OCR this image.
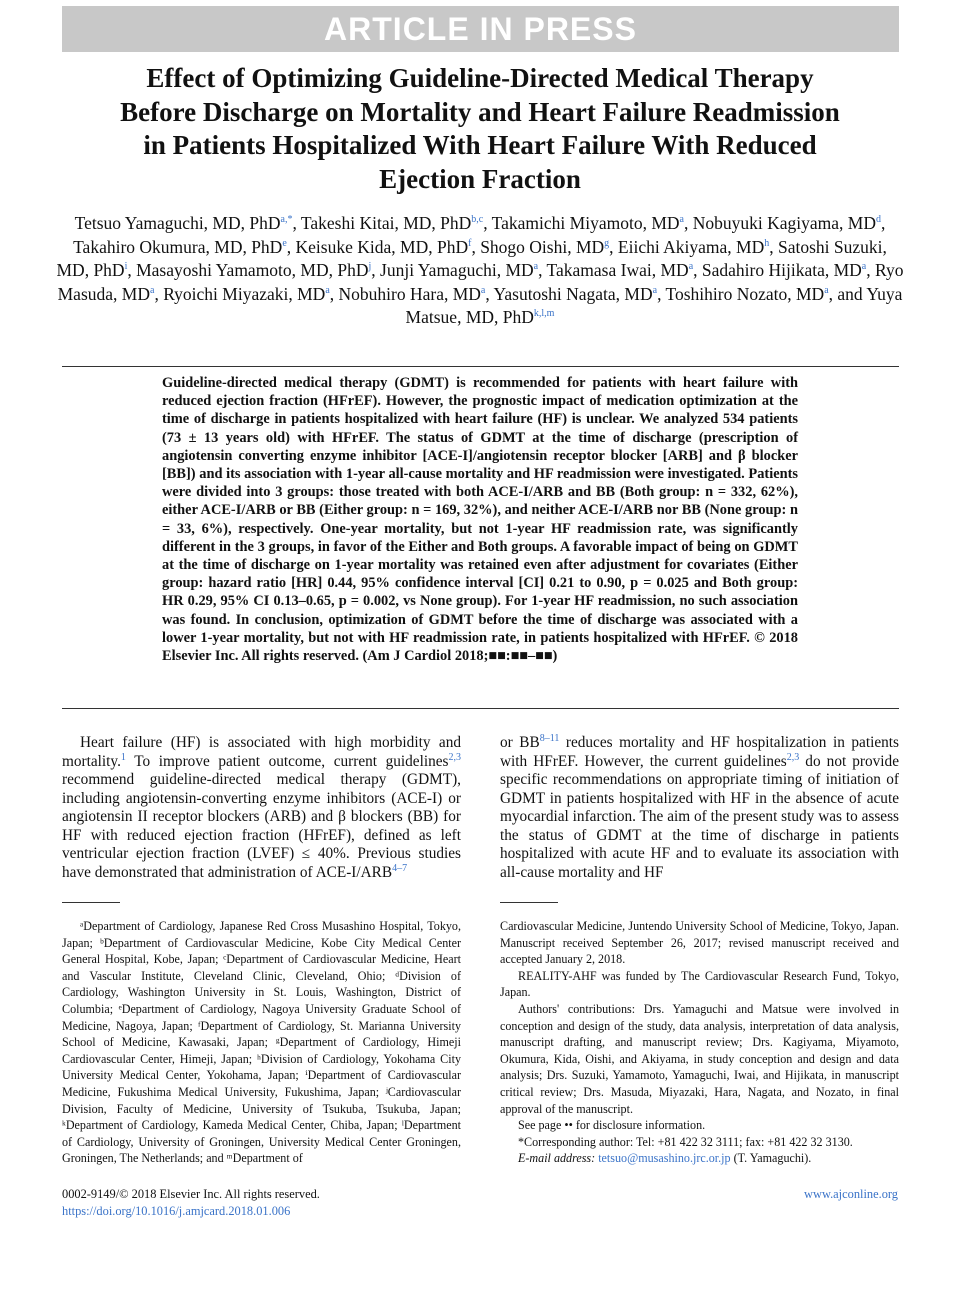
ARTICLE IN PRESS
Effect of Optimizing Guideline-Directed Medical Therapy Before Discharge on Mortality and Heart Failure Readmission in Patients Hospitalized With Heart Failure With Reduced Ejection Fraction
Tetsuo Yamaguchi, MD, PhD$^{a,*}$, Takeshi Kitai, MD, PhD$^{b,c}$, Takamichi Miyamoto, $MD^a$, Nobuyuki Kagiyama, $MD^d$, Takahiro Okumura, MD, PhD$^e$, Keisuke Kida, MD, PhD$^f$, Shogo Oishi, $MD^g$, Eiichi Akiyama, $MD^h$, Satoshi Suzuki, MD, PhD$^i$, Masayoshi Yamamoto, MD, PhD$^j$, Junji Yamaguchi, $MD^a$, Takamasa Iwai, $MD^a$, Sadahiro Hijikata, $MD^a$, Ryo Masuda, $MD^a$, Ryoichi Miyazaki, $MD^a$, Nobuhiro Hara, $MD^a$, Yasutoshi Nagata, $MD^a$, Toshihiro Nozato, $MD^a$, and Yuya Matsue, MD, PhD$^{k,l,m}$
Guideline-directed medical therapy (GDMT) is recommended for patients with heart failure with reduced ejection fraction (HFrEF). However, the prognostic impact of medication optimization at the time of discharge in patients hospitalized with heart failure (HF) is unclear. We analyzed 534 patients (73 ± 13 years old) with HFrEF. The status of GDMT at the time of discharge (prescription of angiotensin converting enzyme inhibitor [ACE-I]/angiotensin receptor blocker [ARB] and β blocker [BB]) and its association with 1-year all-cause mortality and HF readmission were investigated. Patients were divided into 3 groups: those treated with both ACE-I/ARB and BB (Both group: n = 332, 62%), either ACE-I/ARB or BB (Either group: n = 169, 32%), and neither ACE-I/ARB nor BB (None group: n = 33, 6%), respectively. One-year mortality, but not 1-year HF readmission rate, was significantly different in the 3 groups, in favor of the Either and Both groups. A favorable impact of being on GDMT at the time of discharge on 1-year mortality was retained even after adjustment for covariates (Either group: hazard ratio [HR] 0.44, 95% confidence interval [CI] 0.21 to 0.90, p = 0.025 and Both group: HR 0.29, 95% CI 0.13–0.65, p = 0.002, vs None group). For 1-year HF readmission, no such association was found. In conclusion, optimization of GDMT before the time of discharge was associated with a lower 1-year mortality, but not with HF readmission rate, in patients hospitalized with HFrEF. © 2018 Elsevier Inc. All rights reserved. (Am J Cardiol 2018;■■:■■–■■)

Heart failure (HF) is associated with high morbidity and mortality.$^1$ To improve patient outcome, current guidelines$^{2,3}$ recommend guideline-directed medical therapy (GDMT), including angiotensin-converting enzyme inhibitors (ACE-I) or angiotensin II receptor blockers (ARB) and β blockers (BB) for HF with reduced ejection fraction (HFrEF), defined as left ventricular ejection fraction (LVEF) ≤ 40%. Previous studies have demonstrated that administration of ACE-I/ARB$^{4-7}$

or BB$^{8-11}$ reduces mortality and HF hospitalization in patients with HFrEF. However, the current guidelines$^{2,3}$ do not provide specific recommendations on appropriate timing of initiation of GDMT in patients hospitalized with HF in the absence of acute myocardial infarction. The aim of the present study was to assess the status of GDMT at the time of discharge in patients hospitalized with acute HF and to evaluate its association with all-cause mortality and HF

ᵃDepartment of Cardiology, Japanese Red Cross Musashino Hospital, Tokyo, Japan; ᵇDepartment of Cardiovascular Medicine, Kobe City Medical Center General Hospital, Kobe, Japan; ᶜDepartment of Cardiovascular Medicine, Heart and Vascular Institute, Cleveland Clinic, Cleveland, Ohio; ᵈDivision of Cardiology, Washington University in St. Louis, Washington, District of Columbia; ᵉDepartment of Cardiology, Nagoya University Graduate School of Medicine, Nagoya, Japan; ᶠDepartment of Cardiology, St. Marianna University School of Medicine, Kawasaki, Japan; ᵍDepartment of Cardiology, Himeji Cardiovascular Center, Himeji, Japan; ʰDivision of Cardiology, Yokohama City University Medical Center, Yokohama, Japan; ⁱDepartment of Cardiovascular Medicine, Fukushima Medical University, Fukushima, Japan; ʲCardiovascular Division, Faculty of Medicine, University of Tsukuba, Tsukuba, Japan; ᵏDepartment of Cardiology, Kameda Medical Center, Chiba, Japan; ˡDepartment of Cardiology, University of Groningen, University Medical Center Groningen, Groningen, The Netherlands; and ᵐDepartment of

Cardiovascular Medicine, Juntendo University School of Medicine, Tokyo, Japan. Manuscript received September 26, 2017; revised manuscript received and accepted January 2, 2018.

REALITY-AHF was funded by The Cardiovascular Research Fund, Tokyo, Japan.

Authors' contributions: Drs. Yamaguchi and Matsue were involved in conception and design of the study, data analysis, interpretation of data analysis, manuscript drafting, and manuscript review; Drs. Kagiyama, Miyamoto, Okumura, Kida, Oishi, and Akiyama, in study conception and design and data analysis; Drs. Suzuki, Yamamoto, Yamaguchi, Iwai, and Hijikata, in manuscript critical review; Drs. Masuda, Miyazaki, Hara, Nagata, and Nozato, in final approval of the manuscript.

See page •• for disclosure information.

*Corresponding author: Tel: +81 422 32 3111; fax: +81 422 32 3130.

E-mail address: tetsuo@musashino.jrc.or.jp (T. Yamaguchi).

0002-9149/© 2018 Elsevier Inc. All rights reserved.
https://doi.org/10.1016/j.amjcard.2018.01.006
www.ajconline.org
